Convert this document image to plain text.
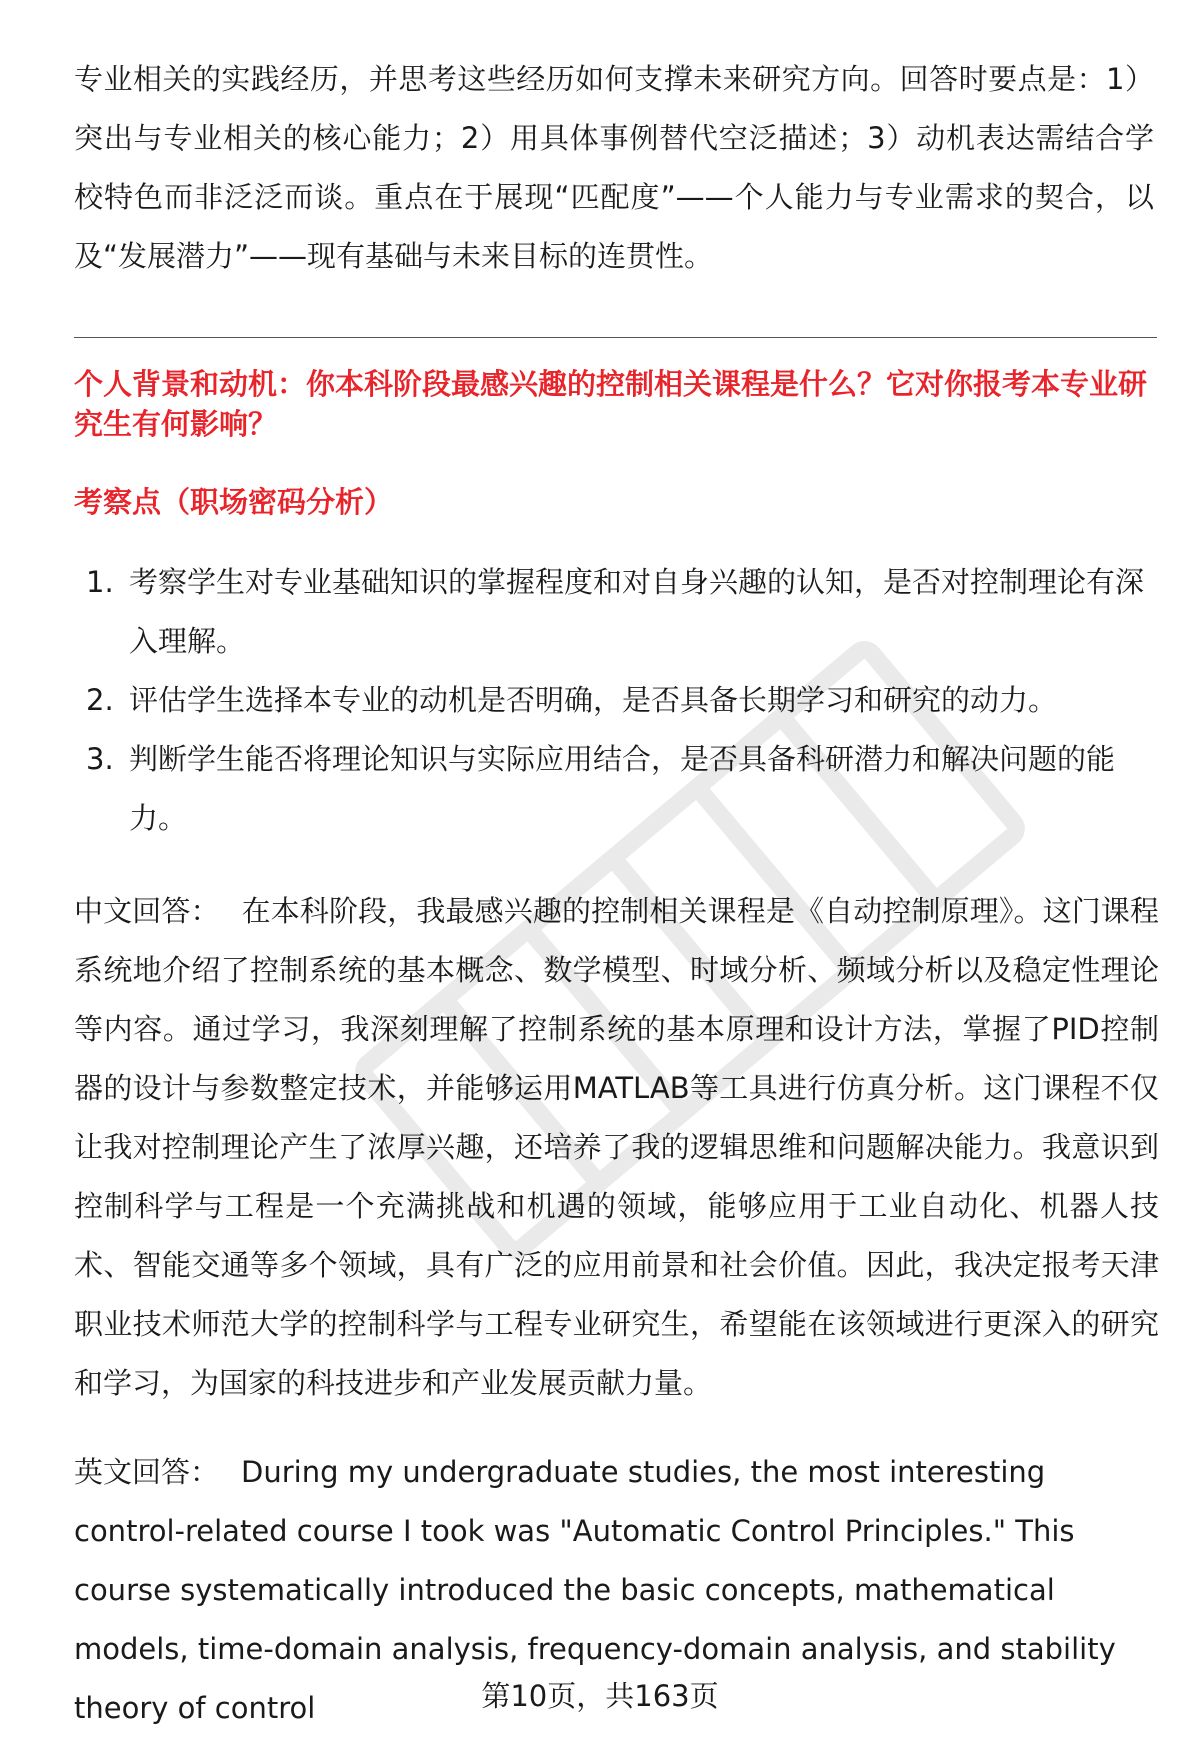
专业相关的实践经历，并思考这些经历如何支撑未来研究方向。回答时要点是：1）突出与专业相关的核心能力；2）用具体事例替代空泛描述；3）动机表达需结合学校特色而非泛泛而谈。重点在于展现“匹配度”——个人能力与专业需求的契合，以及“发展潜力”——现有基础与未来目标的连贯性。

个人背景和动机：你本科阶段最感兴趣的控制相关课程是什么？它对你报考本专业研究生有何影响？

考察点（职场密码分析）

1. 考察学生对专业基础知识的掌握程度和对自身兴趣的认知，是否对控制理论有深入理解。
2. 评估学生选择本专业的动机是否明确，是否具备长期学习和研究的动力。
3. 判断学生能否将理论知识与实际应用结合，是否具备科研潜力和解决问题的能力。

中文回答： 在本科阶段，我最感兴趣的控制相关课程是《自动控制原理》。这门课程系统地介绍了控制系统的基本概念、数学模型、时域分析、频域分析以及稳定性理论等内容。通过学习，我深刻理解了控制系统的基本原理和设计方法，掌握了PID控制器的设计与参数整定技术，并能够运用MATLAB等工具进行仿真分析。这门课程不仅让我对控制理论产生了浓厚兴趣，还培养了我的逻辑思维和问题解决能力。我意识到控制科学与工程是一个充满挑战和机遇的领域，能够应用于工业自动化、机器人技术、智能交通等多个领域，具有广泛的应用前景和社会价值。因此，我决定报考天津职业技术师范大学的控制科学与工程专业研究生，希望能在该领域进行更深入的研究和学习，为国家的科技进步和产业发展贡献力量。

英文回答： During my undergraduate studies, the most interesting control-related course I took was "Automatic Control Principles." This course systematically introduced the basic concepts, mathematical models, time-domain analysis, frequency-domain analysis, and stability theory of control	第10页，共163页
